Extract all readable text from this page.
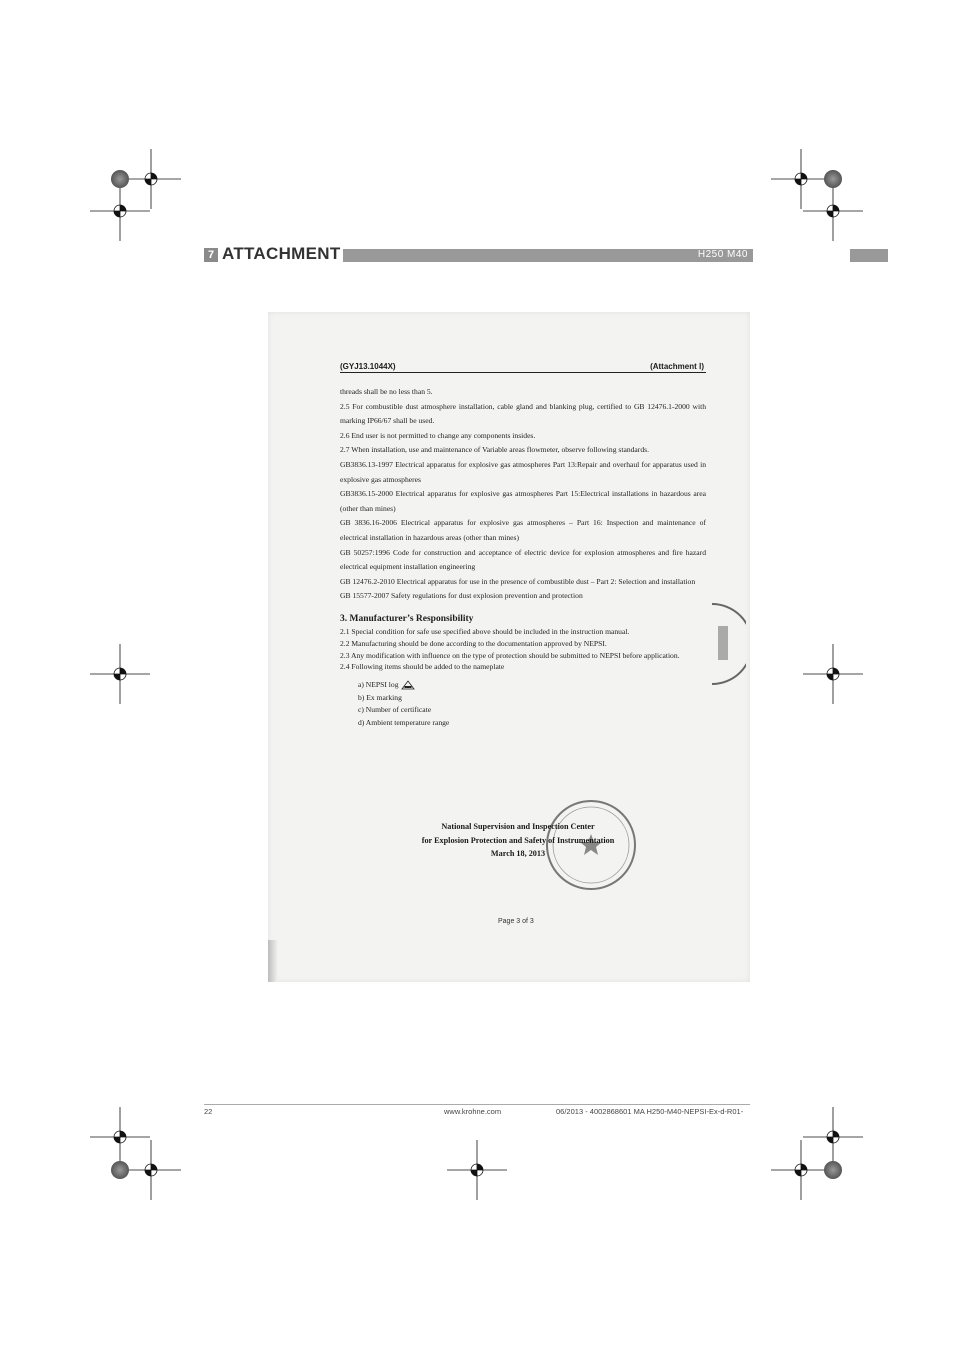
7 ATTACHMENT	H250 M40
(GYJ13.1044X)	(Attachment Ⅰ)

threads shall be no less than 5.

2.5 For combustible dust atmosphere installation, cable gland and blanking plug, certified to GB 12476.1-2000 with marking IP66/67 shall be used.

2.6 End user is not permitted to change any components insides.

2.7 When installation, use and maintenance of Variable areas flowmeter, observe following standards.

GB3836.13-1997 Electrical apparatus for explosive gas atmospheres Part 13:Repair and overhaul for apparatus used in explosive gas atmospheres

GB3836.15-2000 Electrical apparatus for explosive gas atmospheres Part 15:Electrical installations in hazardous area (other than mines)

GB 3836.16-2006 Electrical apparatus for explosive gas atmospheres – Part 16: Inspection and maintenance of electrical installation in hazardous areas (other than mines)

GB 50257:1996 Code for construction and acceptance of electric device for explosion atmospheres and fire hazard electrical equipment installation engineering

GB 12476.2-2010 Electrical apparatus for use in the presence of combustible dust – Part 2: Selection and installation

GB 15577-2007 Safety regulations for dust explosion prevention and protection

3. Manufacturer’s Responsibility

2.1 Special condition for safe use specified above should be included in the instruction manual.

2.2 Manufacturing should be done according to the documentation approved by NEPSI.

2.3 Any modification with influence on the type of protection should be submitted to NEPSI before application.

2.4 Following items should be added to the nameplate

a) NEPSI log
b) Ex marking
c) Number of certificate
d) Ambient temperature range
National Supervision and Inspection Center
for Explosion Protection and Safety of Instrumentation
March 18, 2013
Page 3 of 3
22	www.krohne.com	06/2013 - 4002868601 MA H250-M40-NEPSI-Ex-d-R01-
